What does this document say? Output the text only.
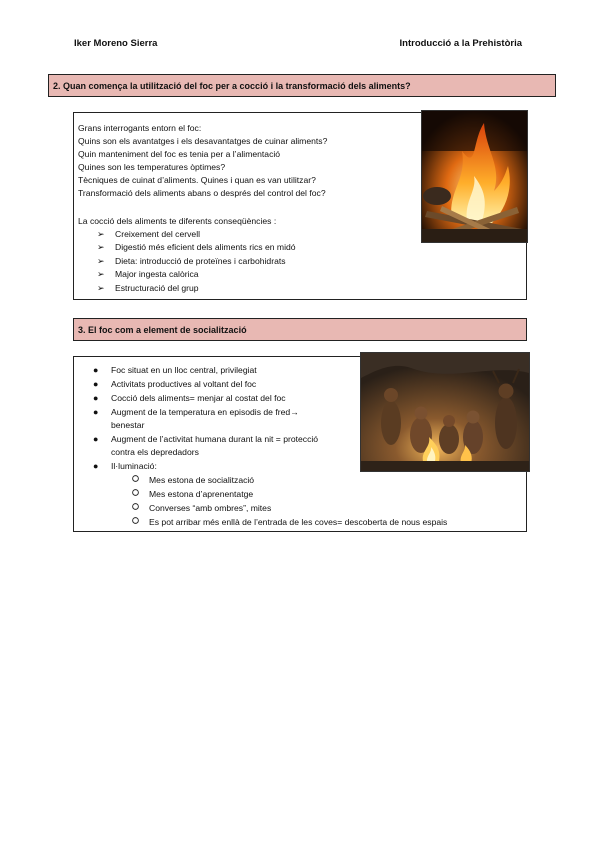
Iker Moreno Sierra	Introducció a la Prehistòria
2. Quan comença la utilització del foc per a cocció i la transformació dels aliments?
Grans interrogants entorn el foc:
Quins son els avantatges i els desavantatges de cuinar aliments?
Quin manteniment del foc es tenia per a l’alimentació
Quines son les temperatures òptimes?
Tècniques de cuinat d’aliments. Quines i quan es van utilitzar?
Transformació dels aliments abans o després del control del foc?
La cocció dels aliments te diferents conseqüències :
➢ Creixement del cervell
➢ Digestió més eficient dels aliments rics en midó
➢ Dieta: introducció de proteïnes i carbohidrats
➢ Major ingesta calòrica
➢ Estructuració del grup
3. El foc com a element de socialització
● Foc situat en un lloc central, privilegiat
● Activitats productives al voltant del foc
● Cocció dels aliments= menjar al costat del foc
● Augment de la temperatura en episodis de fred→
benestar
● Augment de l’activitat humana durant la nit = protecció
contra els depredadors
● Il·luminació:
Mes estona de socialització
Mes estona d’aprenentatge
Converses “amb ombres”, mites
Es pot arribar més enllà de l’entrada de les coves= descoberta de nous espais
